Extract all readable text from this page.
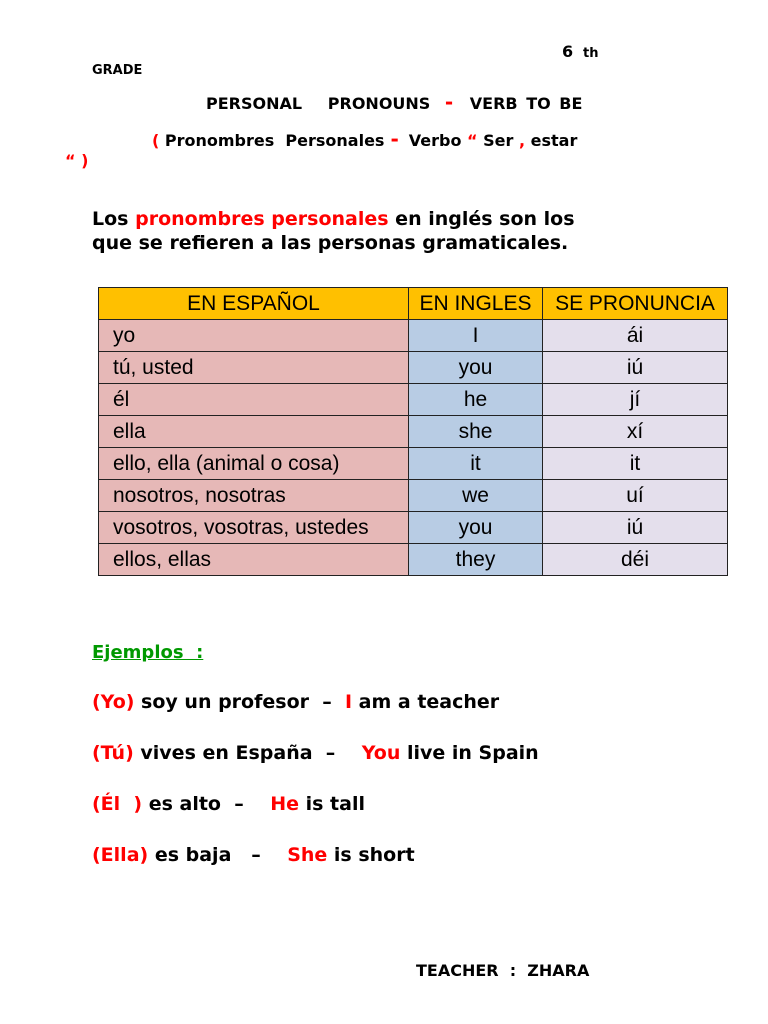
6 th
GRADE
PERSONAL   PRONOUNS - VERB TO BE
( Pronombres  Personales - Verbo “ Ser , estar
“ )
Los pronombres personales en inglés son los
que se refieren a las personas gramaticales.
EN ESPAÑOL	EN INGLES	SE PRONUNCIA
yo	I	ái
tú, usted	you	iú
él	he	jí
ella	she	xí
ello, ella (animal o cosa)	it	it
nosotros, nosotras	we	uí
vosotros, vosotras, ustedes	you	iú
ellos, ellas	they	déi
Ejemplos  :
(Yo) soy un profesor  –  I am a teacher
(Tú) vives en España  –    You live in Spain
(Él  ) es alto  –    He is tall
(Ella) es baja   –    She is short
TEACHER  :  ZHARA
